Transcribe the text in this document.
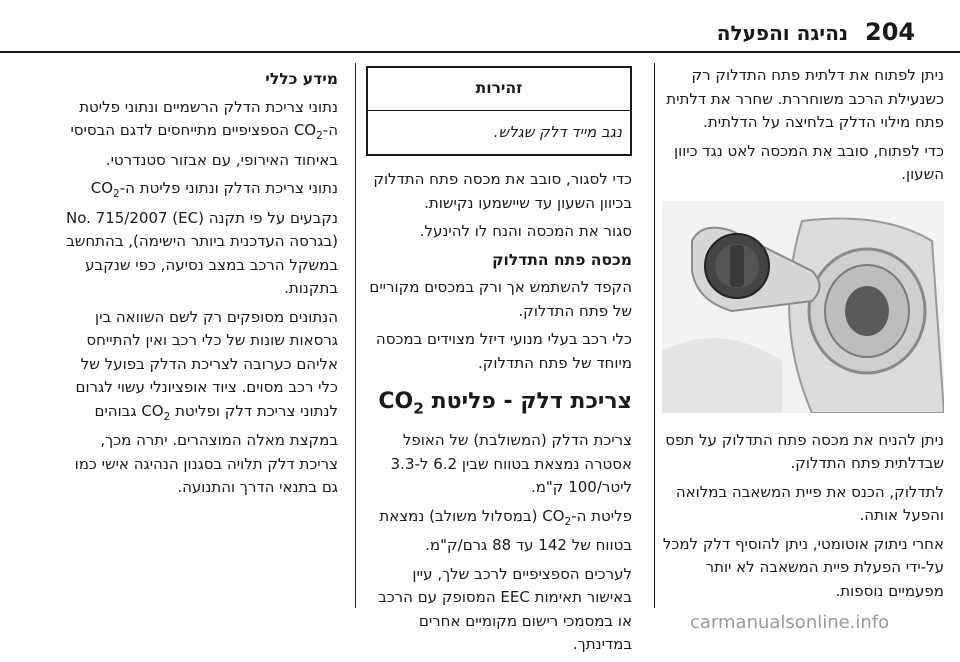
204
נהיגה והפעלה

ניתן לפתוח את דלתית פתח התדלוק רק כשנעילת הרכב משוחררת. שחרר את דלתית פתח מילוי הדלק בלחיצה על הדלתית.

כדי לפתוח, סובב את המכסה לאט נגד כיוון השעון.

ניתן להניח את מכסה פתח התדלוק על תפס שבדלתית פתח התדלוק.

לתדלוק, הכנס את פיית המשאבה במלואה והפעל אותה.

אחרי ניתוק אוטומטי, ניתן להוסיף דלק למכל על-ידי הפעלת פיית המשאבה לא יותר מפעמיים נוספות.

זהירות
נגב מייד דלק שגלש.

כדי לסגור, סובב את מכסה פתח התדלוק בכיוון השעון עד שיישמעו נקישות.

סגור את המכסה והנח לו להינעל.

מכסה פתח התדלוק

הקפד להשתמש אך ורק במכסים מקוריים של פתח התדלוק.

כלי רכב בעלי מנועי דיזל מצוידים במכסה מיוחד של פתח התדלוק.

צריכת דלק - פליטת $CO_2$

צריכת הדלק (המשולבת) של האופל אסטרה נמצאת בטווח שבין 6.2 ל-3.3 ליטר/100 ק"מ.

פליטת $ה-CO_2$ (במסלול משולב) נמצאת בטווח של 142 עד 88 גרם/ק"מ.

לערכים הספציפיים לרכב שלך, עיין באישור תאימות EEC המסופק עם הרכב או במסמכי רישום מקומיים אחרים במדינתך.

מידע כללי

נתוני צריכת הדלק הרשמיים ונתוני פליטת $ה-CO_2$ הספציפיים מתייחסים לדגם הבסיסי באיחוד האירופי, עם אבזור סטנדרטי.

נתוני צריכת הדלק ונתוני פליטת $ה-CO_2$ נקבעים על פי תקנה (EC) No. 715/2007 (בגרסה העדכנית ביותר הישימה), בהתחשב במשקל הרכב במצב נסיעה, כפי שנקבע בתקנות.

הנתונים מסופקים רק לשם השוואה בין גרסאות שונות של כלי רכב ואין להתייחס אליהם כערובה לצריכת הדלק בפועל של כלי רכב מסוים. ציוד אופציונלי עשוי לגרום לנתוני צריכת דלק ופליטת $CO_2$ גבוהים במקצת מאלה המוצהרים. יתרה מכך, צריכת דלק תלויה בסגנון הנהיגה אישי כמו גם בתנאי הדרך והתנועה.

carmanualsonline.info
